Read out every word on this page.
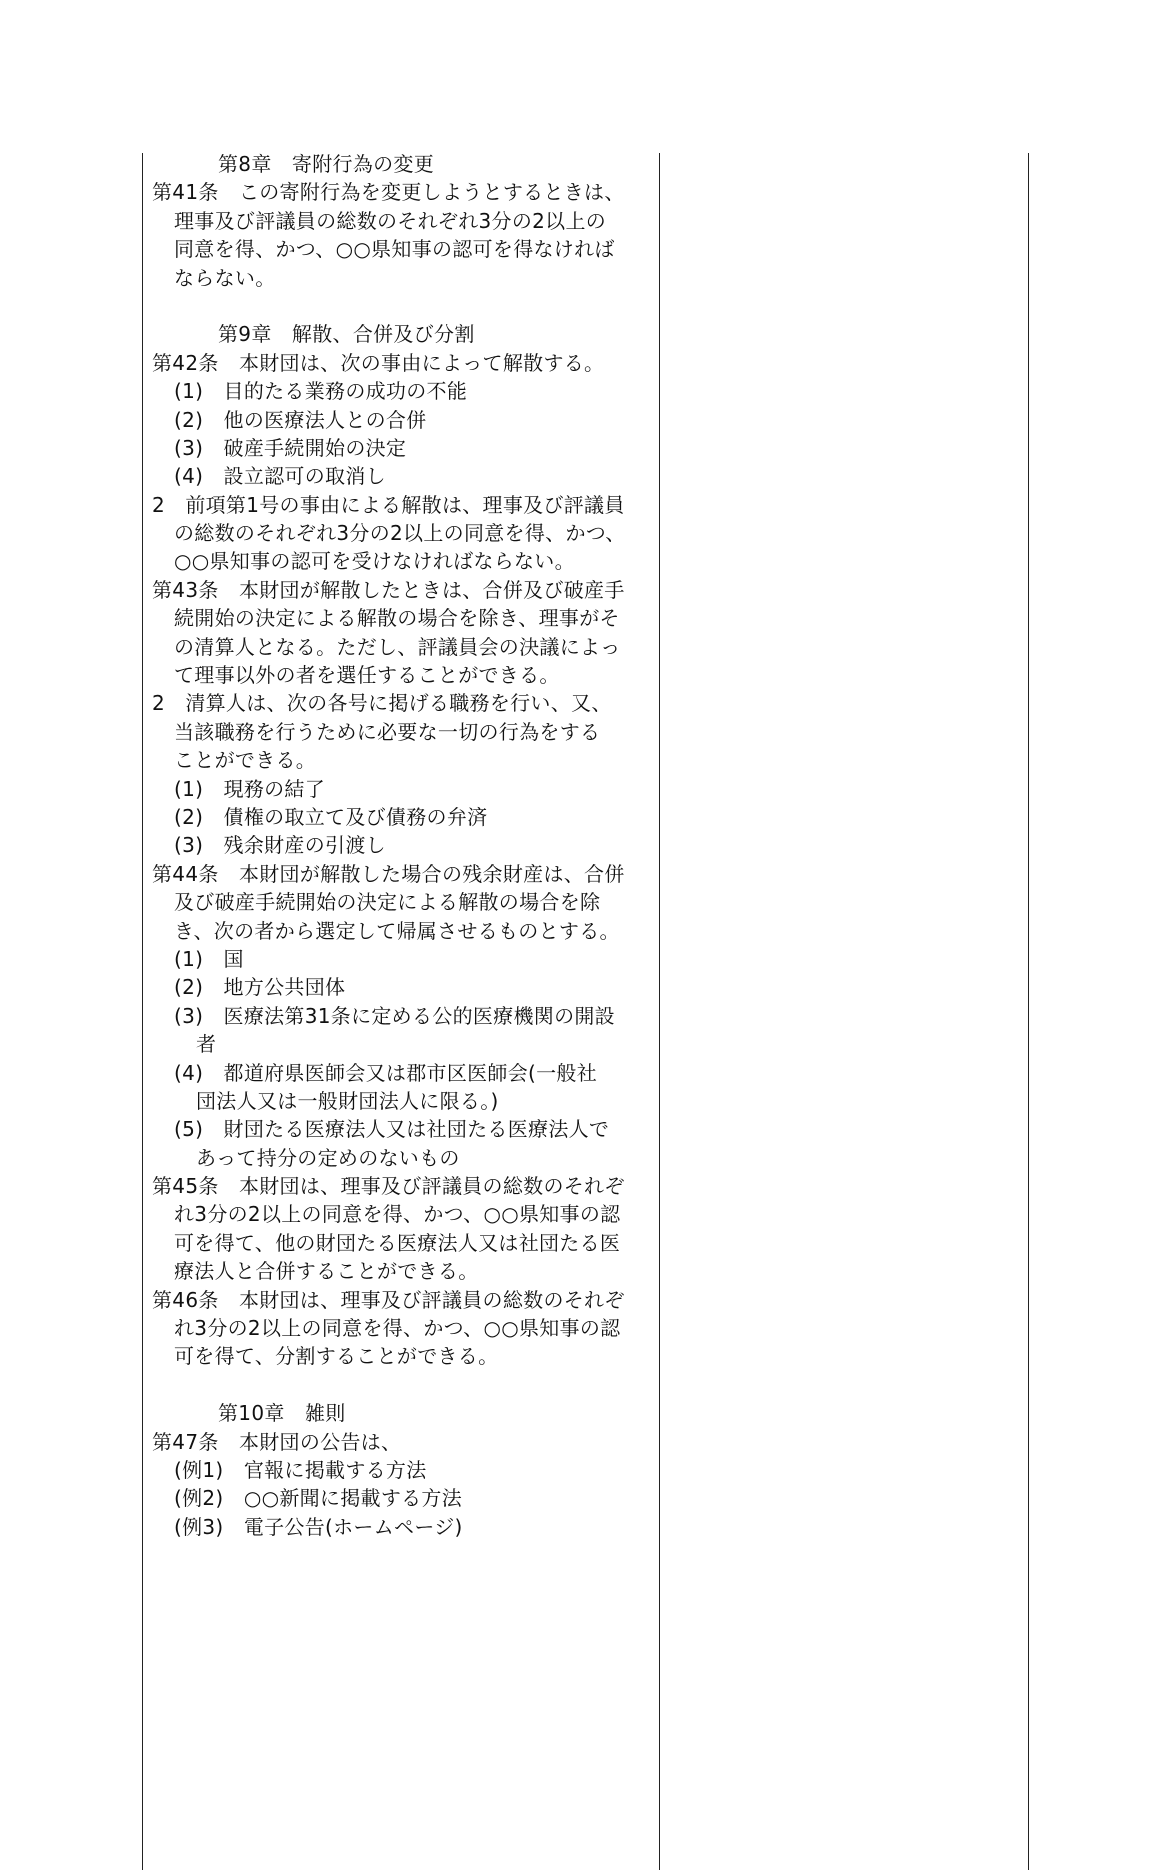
第8章　寄附行為の変更
第41条　この寄附行為を変更しようとするときは、
理事及び評議員の総数のそれぞれ3分の2以上の
同意を得、かつ、○○県知事の認可を得なければ
ならない。
第9章　解散、合併及び分割
第42条　本財団は、次の事由によって解散する。
(1)　目的たる業務の成功の不能
(2)　他の医療法人との合併
(3)　破産手続開始の決定
(4)　設立認可の取消し
2　前項第1号の事由による解散は、理事及び評議員
の総数のそれぞれ3分の2以上の同意を得、かつ、
○○県知事の認可を受けなければならない。
第43条　本財団が解散したときは、合併及び破産手
続開始の決定による解散の場合を除き、理事がそ
の清算人となる。ただし、評議員会の決議によっ
て理事以外の者を選任することができる。
2　清算人は、次の各号に掲げる職務を行い、又、
当該職務を行うために必要な一切の行為をする
ことができる。
(1)　現務の結了
(2)　債権の取立て及び債務の弁済
(3)　残余財産の引渡し
第44条　本財団が解散した場合の残余財産は、合併
及び破産手続開始の決定による解散の場合を除
き、次の者から選定して帰属させるものとする。
(1)　国
(2)　地方公共団体
(3)　医療法第31条に定める公的医療機関の開設
者
(4)　都道府県医師会又は郡市区医師会(一般社
団法人又は一般財団法人に限る。)
(5)　財団たる医療法人又は社団たる医療法人で
あって持分の定めのないもの
第45条　本財団は、理事及び評議員の総数のそれぞ
れ3分の2以上の同意を得、かつ、○○県知事の認
可を得て、他の財団たる医療法人又は社団たる医
療法人と合併することができる。
第46条　本財団は、理事及び評議員の総数のそれぞ
れ3分の2以上の同意を得、かつ、○○県知事の認
可を得て、分割することができる。
第10章　雑則
第47条　本財団の公告は、
(例1)　官報に掲載する方法
(例2)　○○新聞に掲載する方法
(例3)　電子公告(ホームページ)
